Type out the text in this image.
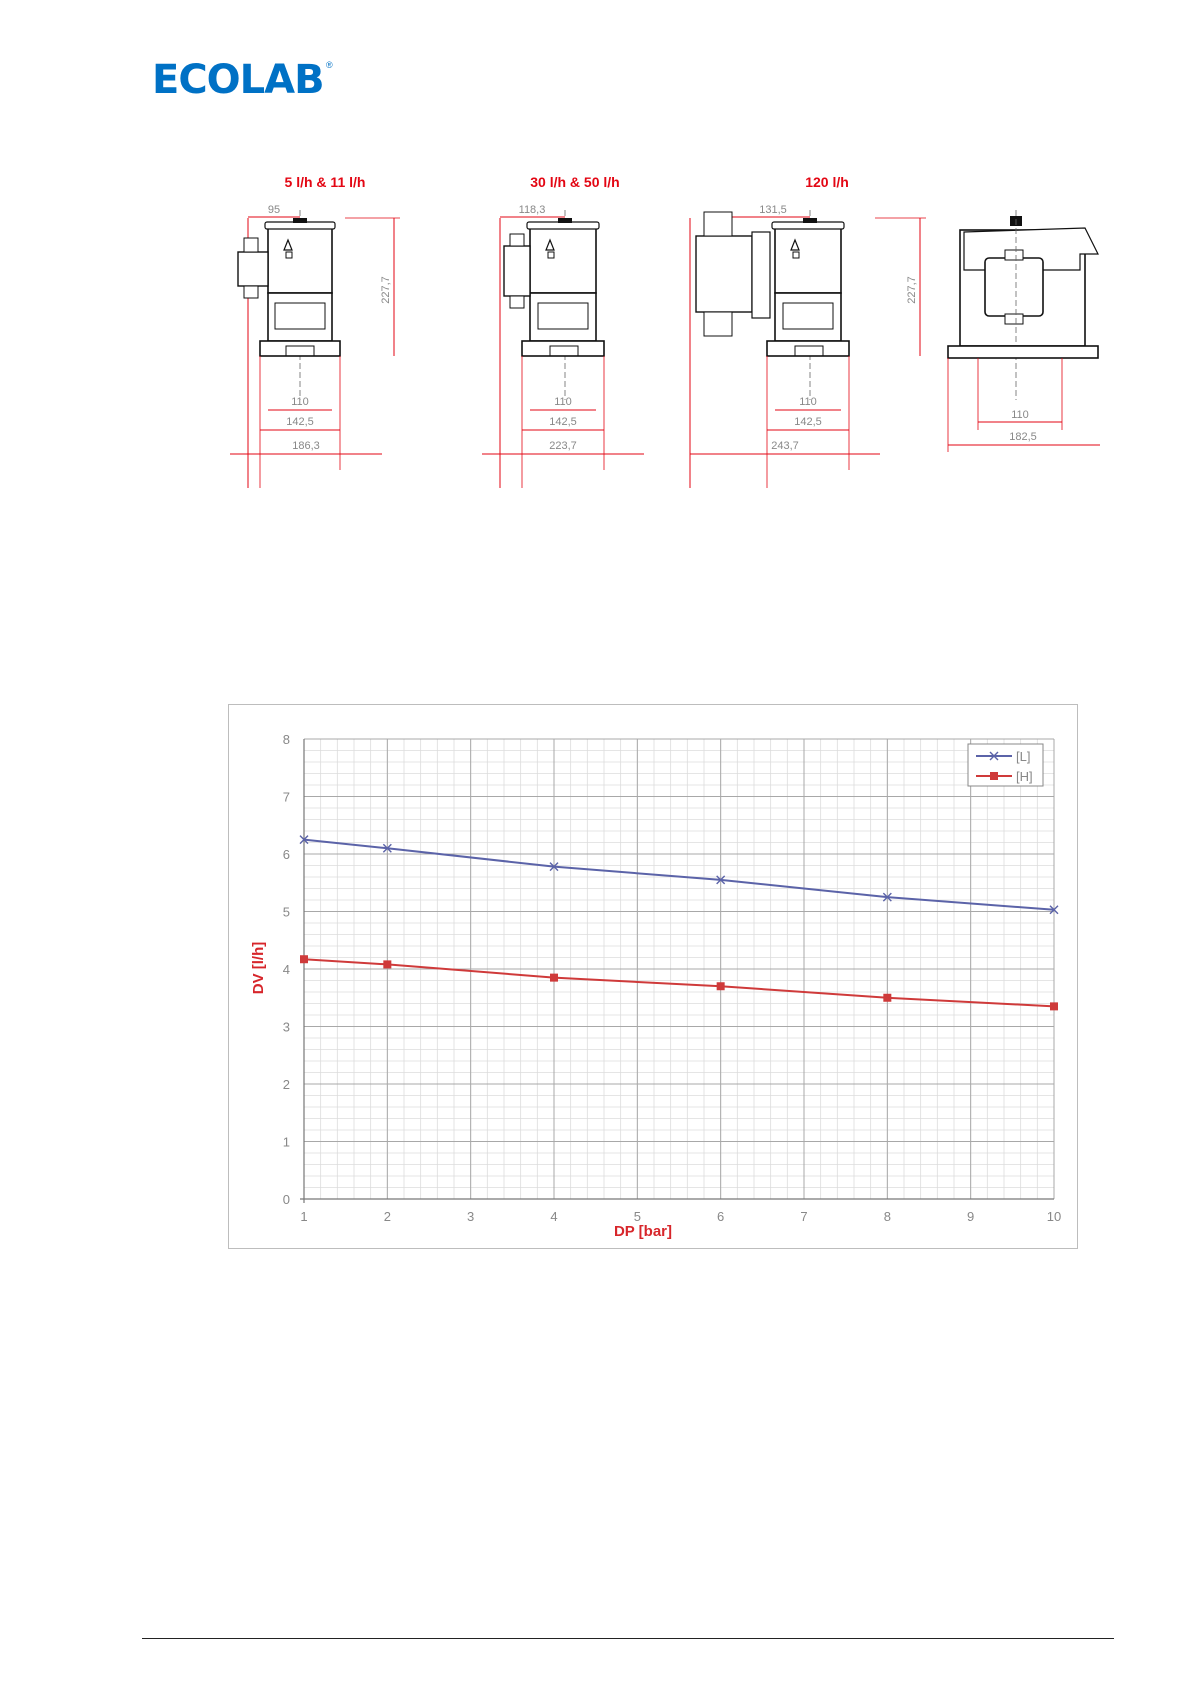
ECOLAB ®
5 l/h & 11 l/h
95
227,7
110
142,5
186,3
30 l/h & 50 l/h
118,3
110
142,5
223,7
120 l/h
131,5
227,7
110
142,5
243,7
110
182,5
1	2	3	4	5	6	7	8	9	10
0
1
2
3
4
5
6
7
8
DP [bar]
DV [l/h]
[L]
[H]
